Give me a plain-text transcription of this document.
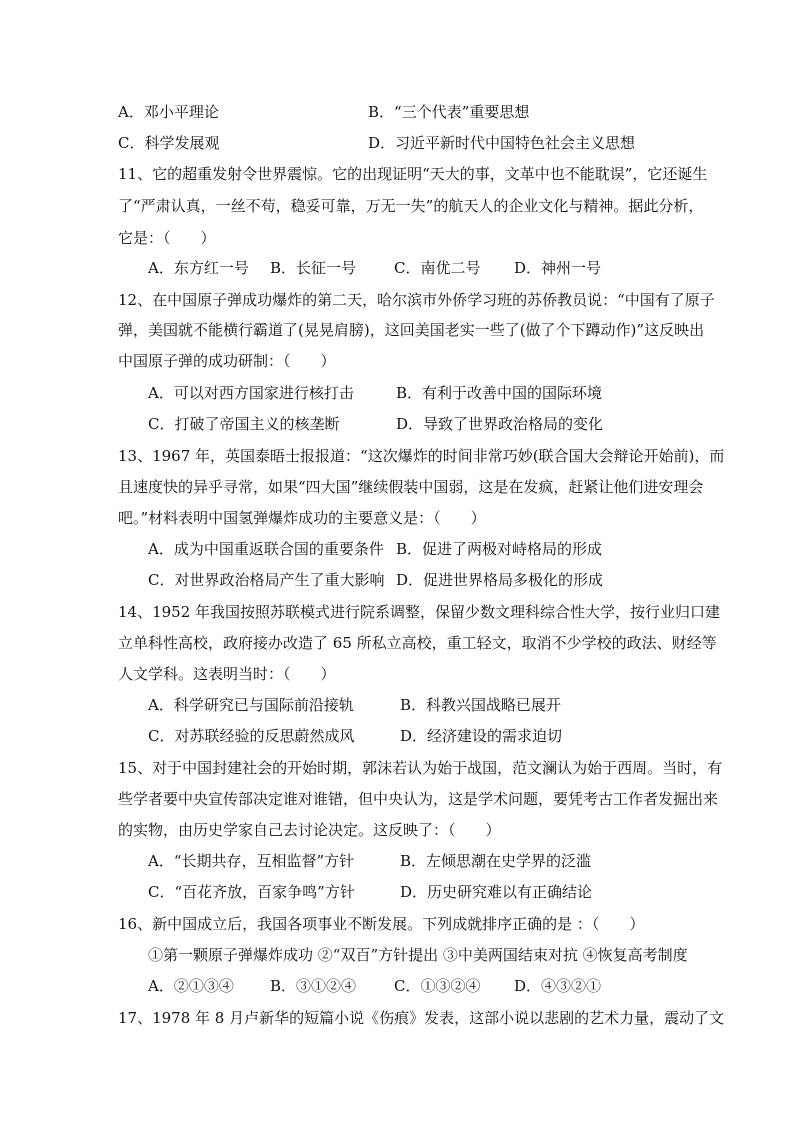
A．邓小平理论	B．“三个代表”重要思想
C．科学发展观	D．习近平新时代中国特色社会主义思想
11、它的超重发射令世界震惊。它的出现证明“天大的事，文革中也不能耽误”，它还诞生
了“严肃认真，一丝不苟，稳妥可靠，万无一失”的航天人的企业文化与精神。据此分析，
它是：（　　）
A．东方红一号 B．长征一号	C．南优二号 D．神州一号
12、在中国原子弹成功爆炸的第二天，哈尔滨市外侨学习班的苏侨教员说：“中国有了原子
弹，美国就不能横行霸道了(晃晃肩膀)，这回美国老实一些了(做了个下蹲动作)”这反映出
中国原子弹的成功研制：（　　）
A．可以对西方国家进行核打击	B．有利于改善中国的国际环境
C．打破了帝国主义的核垄断	D．导致了世界政治格局的变化
13、1967 年，英国泰晤士报报道：“这次爆炸的时间非常巧妙(联合国大会辩论开始前)，而
且速度快的异乎寻常，如果“四大国”继续假装中国弱，这是在发疯，赶紧让他们进安理会
吧。”材料表明中国氢弹爆炸成功的主要意义是：（　　）
A．成为中国重返联合国的重要条件 B．促进了两极对峙格局的形成
C．对世界政治格局产生了重大影响 D．促进世界格局多极化的形成
14、1952 年我国按照苏联模式进行院系调整，保留少数文理科综合性大学，按行业归口建
立单科性高校，政府接办改造了 65 所私立高校，重工轻文，取消不少学校的政法、财经等
人文学科。这表明当时：（　　）
A．科学研究已与国际前沿接轨	B．科教兴国战略已展开
C．对苏联经验的反思蔚然成风	D．经济建设的需求迫切
15、对于中国封建社会的开始时期，郭沫若认为始于战国，范文澜认为始于西周。当时，有
些学者要中央宣传部决定谁对谁错，但中央认为，这是学术问题，要凭考古工作者发掘出来
的实物，由历史学家自己去讨论决定。这反映了：（　　）
A．“长期共存，互相监督”方针	B．左倾思潮在史学界的泛滥
C．“百花齐放，百家争鸣”方针	D．历史研究难以有正确结论
16、新中国成立后，我国各项事业不断发展。下列成就排序正确的是 ：（　　）
①第一颗原子弹爆炸成功 ②“双百”方针提出 ③中美两国结束对抗 ④恢复高考制度
A．②①③④ B．③①②④	C．①③②④ D．④③②①
17、1978 年 8 月卢新华的短篇小说《伤痕》发表，这部小说以悲剧的艺术力量，震动了文
